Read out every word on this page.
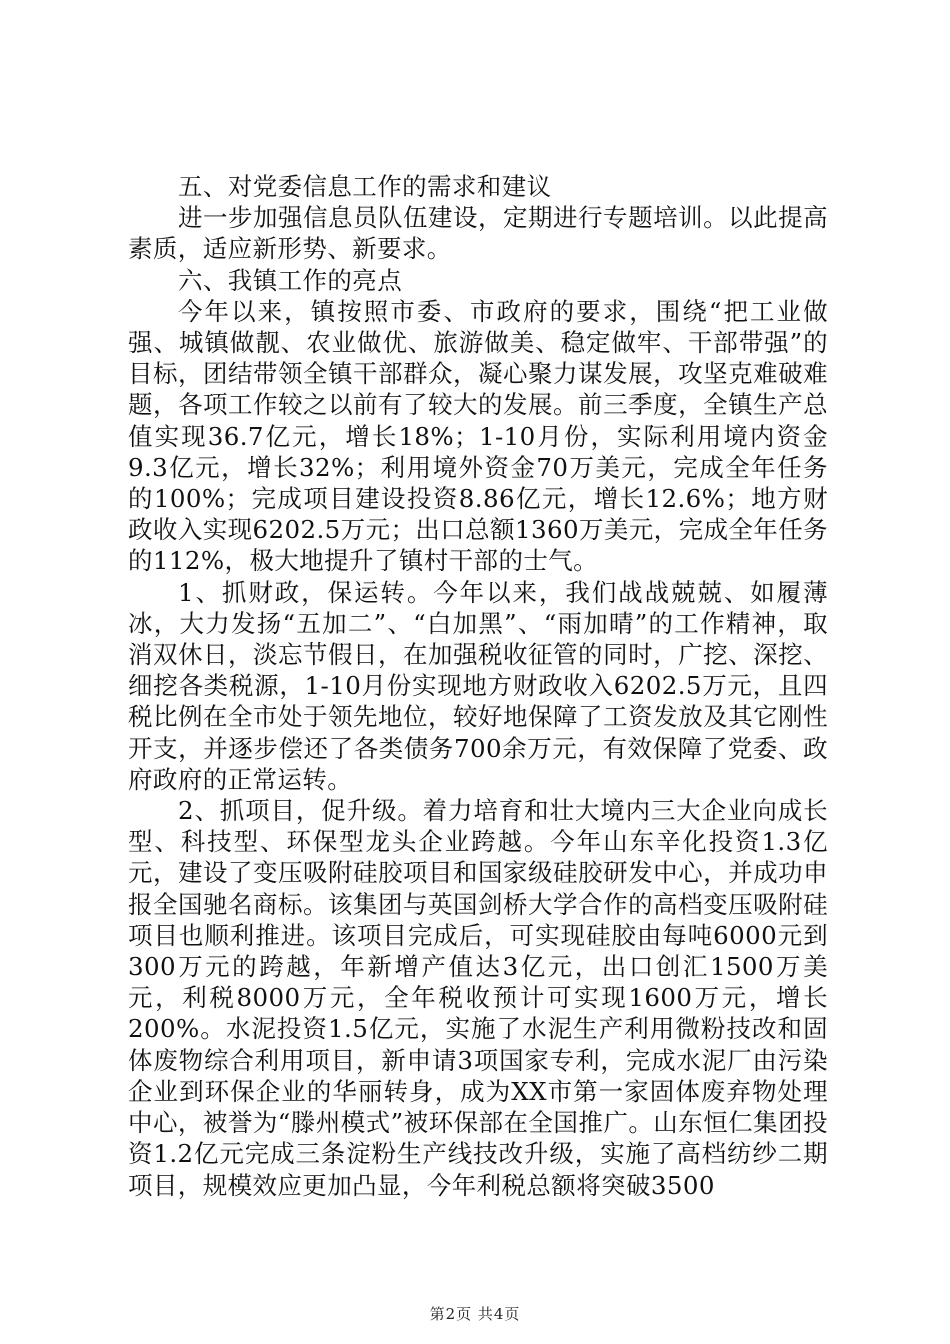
五、对党委信息工作的需求和建议

进一步加强信息员队伍建设，定期进行专题培训。以此提高素质，适应新形势、新要求。

六、我镇工作的亮点

今年以来，镇按照市委、市政府的要求，围绕“把工业做强、城镇做靓、农业做优、旅游做美、稳定做牢、干部带强”的目标，团结带领全镇干部群众，凝心聚力谋发展，攻坚克难破难题，各项工作较之以前有了较大的发展。前三季度，全镇生产总值实现36.7亿元，增长18%；1-10月份，实际利用境内资金9.3亿元，增长32%；利用境外资金70万美元，完成全年任务的100%；完成项目建设投资8.86亿元，增长12.6%；地方财政收入实现6202.5万元；出口总额1360万美元，完成全年任务的112%，极大地提升了镇村干部的士气。

1、抓财政，保运转。今年以来，我们战战兢兢、如履薄冰，大力发扬“五加二”、“白加黑”、“雨加晴”的工作精神，取消双休日，淡忘节假日，在加强税收征管的同时，广挖、深挖、细挖各类税源，1-10月份实现地方财政收入6202.5万元，且四税比例在全市处于领先地位，较好地保障了工资发放及其它刚性开支，并逐步偿还了各类债务700余万元，有效保障了党委、政府政府的正常运转。

2、抓项目，促升级。着力培育和壮大境内三大企业向成长型、科技型、环保型龙头企业跨越。今年山东辛化投资1.3亿元，建设了变压吸附硅胶项目和国家级硅胶研发中心，并成功申报全国驰名商标。该集团与英国剑桥大学合作的高档变压吸附硅项目也顺利推进。该项目完成后，可实现硅胶由每吨6000元到300万元的跨越，年新增产值达3亿元，出口创汇1500万美元，利税8000万元，全年税收预计可实现1600万元，增长200%。水泥投资1.5亿元，实施了水泥生产利用微粉技改和固体废物综合利用项目，新申请3项国家专利，完成水泥厂由污染企业到环保企业的华丽转身，成为XX市第一家固体废弃物处理中心，被誉为“滕州模式”被环保部在全国推广。山东恒仁集团投资1.2亿元完成三条淀粉生产线技改升级，实施了高档纺纱二期项目，规模效应更加凸显，今年利税总额将突破3500

第2页 共4页
